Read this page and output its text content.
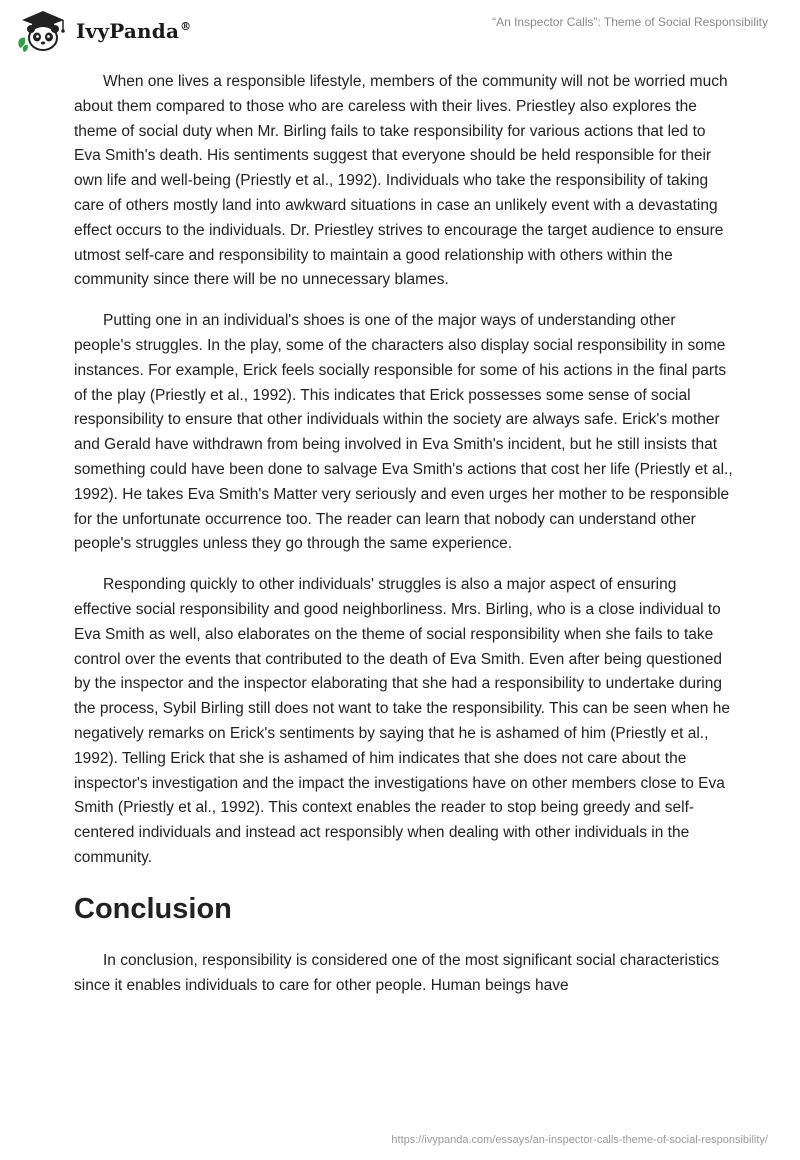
IvyPanda®	“An Inspector Calls”: Theme of Social Responsibility

When one lives a responsible lifestyle, members of the community will not be worried much about them compared to those who are careless with their lives. Priestley also explores the theme of social duty when Mr. Birling fails to take responsibility for various actions that led to Eva Smith's death. His sentiments suggest that everyone should be held responsible for their own life and well-being (Priestly et al., 1992). Individuals who take the responsibility of taking care of others mostly land into awkward situations in case an unlikely event with a devastating effect occurs to the individuals. Dr. Priestley strives to encourage the target audience to ensure utmost self-care and responsibility to maintain a good relationship with others within the community since there will be no unnecessary blames.

Putting one in an individual's shoes is one of the major ways of understanding other people's struggles. In the play, some of the characters also display social responsibility in some instances. For example, Erick feels socially responsible for some of his actions in the final parts of the play (Priestly et al., 1992). This indicates that Erick possesses some sense of social responsibility to ensure that other individuals within the society are always safe. Erick's mother and Gerald have withdrawn from being involved in Eva Smith's incident, but he still insists that something could have been done to salvage Eva Smith's actions that cost her life (Priestly et al., 1992). He takes Eva Smith's Matter very seriously and even urges her mother to be responsible for the unfortunate occurrence too. The reader can learn that nobody can understand other people's struggles unless they go through the same experience.

Responding quickly to other individuals' struggles is also a major aspect of ensuring effective social responsibility and good neighborliness. Mrs. Birling, who is a close individual to Eva Smith as well, also elaborates on the theme of social responsibility when she fails to take control over the events that contributed to the death of Eva Smith. Even after being questioned by the inspector and the inspector elaborating that she had a responsibility to undertake during the process, Sybil Birling still does not want to take the responsibility. This can be seen when he negatively remarks on Erick's sentiments by saying that he is ashamed of him (Priestly et al., 1992). Telling Erick that she is ashamed of him indicates that she does not care about the inspector's investigation and the impact the investigations have on other members close to Eva Smith (Priestly et al., 1992). This context enables the reader to stop being greedy and self-centered individuals and instead act responsibly when dealing with other individuals in the community.

Conclusion

In conclusion, responsibility is considered one of the most significant social characteristics since it enables individuals to care for other people. Human beings have

https://ivypanda.com/essays/an-inspector-calls-theme-of-social-responsibility/
